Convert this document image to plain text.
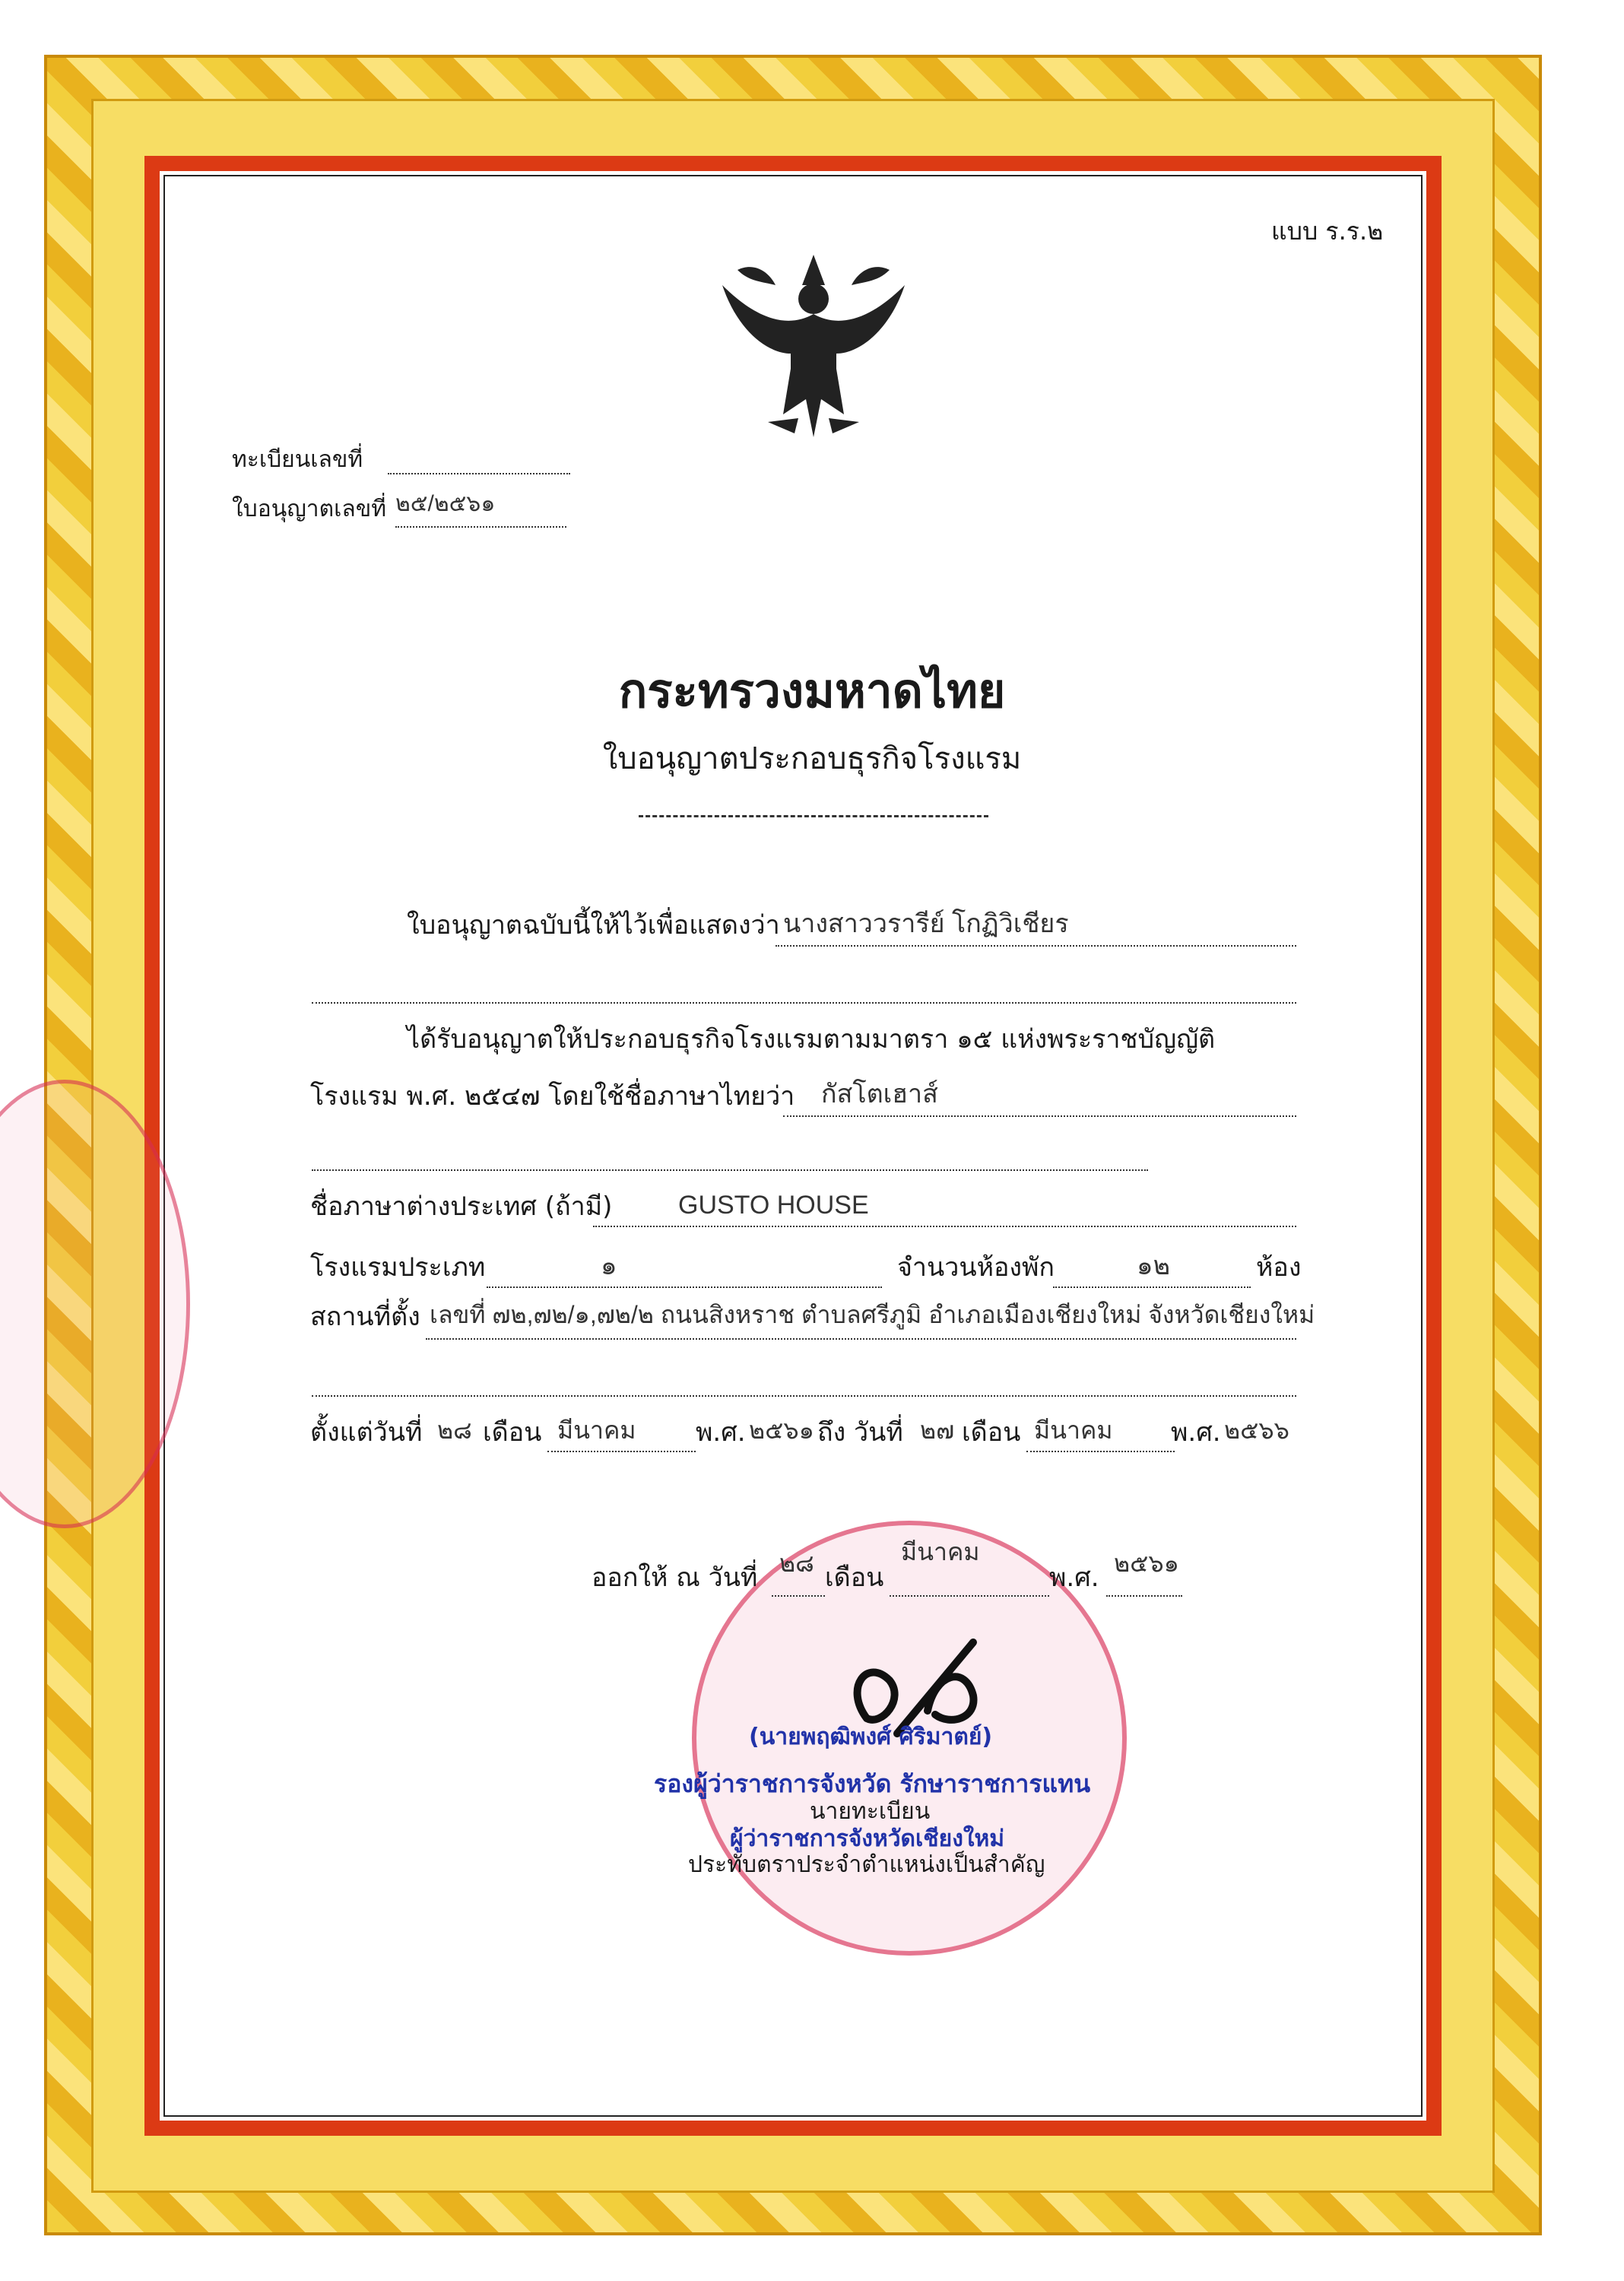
แบบ ร.ร.๒
ทะเบียนเลขที่
ใบอนุญาตเลขที่ ๒๕/๒๕๖๑
กระทรวงมหาดไทย
ใบอนุญาตประกอบธุรกิจโรงแรม
ใบอนุญาตฉบับนี้ให้ไว้เพื่อแสดงว่า นางสาววรารีย์ โกฏิวิเชียร
ได้รับอนุญาตให้ประกอบธุรกิจโรงแรมตามมาตรา ๑๕ แห่งพระราชบัญญัติ
โรงแรม พ.ศ. ๒๕๔๗ โดยใช้ชื่อภาษาไทยว่า กัสโตเฮาส์
ชื่อภาษาต่างประเทศ (ถ้ามี)	GUSTO HOUSE
โรงแรมประเภท	๑	จำนวนห้องพัก	๑๒	ห้อง
สถานที่ตั้ง เลขที่ ๗๒,๗๒/๑,๗๒/๒ ถนนสิงหราช ตำบลศรีภูมิ อำเภอเมืองเชียงใหม่ จังหวัดเชียงใหม่
ตั้งแต่วันที่ ๒๘ เดือน มีนาคม พ.ศ. ๒๕๖๑ ถึง วันที่ ๒๗ เดือน มีนาคม พ.ศ. ๒๕๖๖
ออกให้ ณ วันที่ ๒๘ เดือน
มีนาคม
พ.ศ. ๒๕๖๑
(นายพฤฒิพงศ์ ศิริมาตย์)
รองผู้ว่าราชการจังหวัด รักษาราชการแทน
นายทะเบียน
ผู้ว่าราชการจังหวัดเชียงใหม่
ประทับตราประจำตำแหน่งเป็นสำคัญ
